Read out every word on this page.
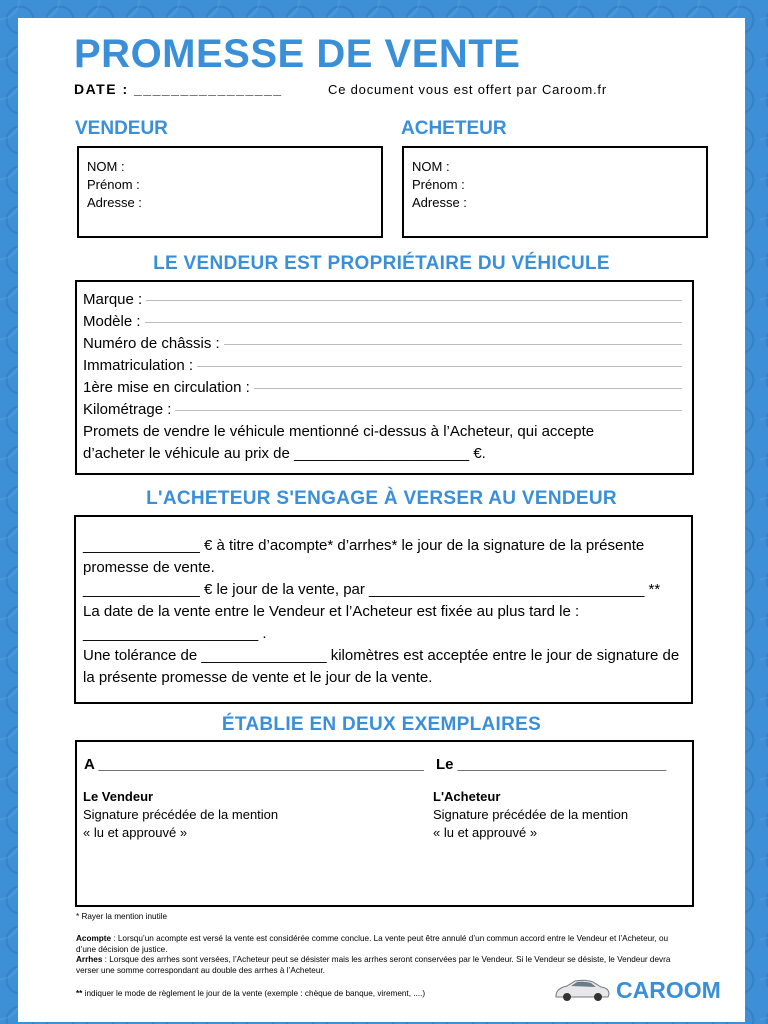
PROMESSE DE VENTE
DATE : ________________	Ce document vous est offert par Caroom.fr
VENDEUR
NOM :
Prénom :
Adresse :
ACHETEUR
NOM :
Prénom :
Adresse :
LE VENDEUR EST PROPRIÉTAIRE DU VÉHICULE
Marque :
Modèle :
Numéro de châssis :
Immatriculation :
1ère mise en circulation :
Kilométrage :
Promets de vendre le véhicule mentionné ci-dessus à l’Acheteur, qui accepte
d’acheter le véhicule au prix de _____________________ €.
L'ACHETEUR S'ENGAGE À VERSER AU VENDEUR

______________ € à titre d’acompte* d’arrhes* le jour de la signature de la présente promesse de vente.

______________ € le jour de la vente, par _________________________________ **

La date de la vente entre le Vendeur et l’Acheteur est fixée au plus tard le : _____________________ .

Une tolérance de _______________ kilomètres est acceptée entre le jour de signature de la présente promesse de vente et le jour de la vente.

ÉTABLIE EN DEUX EXEMPLAIRES
A _______________________________________ Le _________________________
Le Vendeur
Signature précédée de la mention
« lu et approuvé »
L'Acheteur
Signature précédée de la mention
« lu et approuvé »
* Rayer la mention inutile
Acompte : Lorsqu’un acompte est versé la vente est considérée comme conclue. La vente peut être annulé d’un commun accord entre le Vendeur et l’Acheteur, ou d’une décision de justice.
Arrhes : Lorsque des arrhes sont versées, l’Acheteur peut se désister mais les arrhes seront conservées par le Vendeur. Si le Vendeur se désiste, le Vendeur devra verser une somme correspondant au double des arrhes à l’Acheteur.
** indiquer le mode de règlement le jour de la vente (exemple : chèque de banque, virement, ....)	CAROOM
